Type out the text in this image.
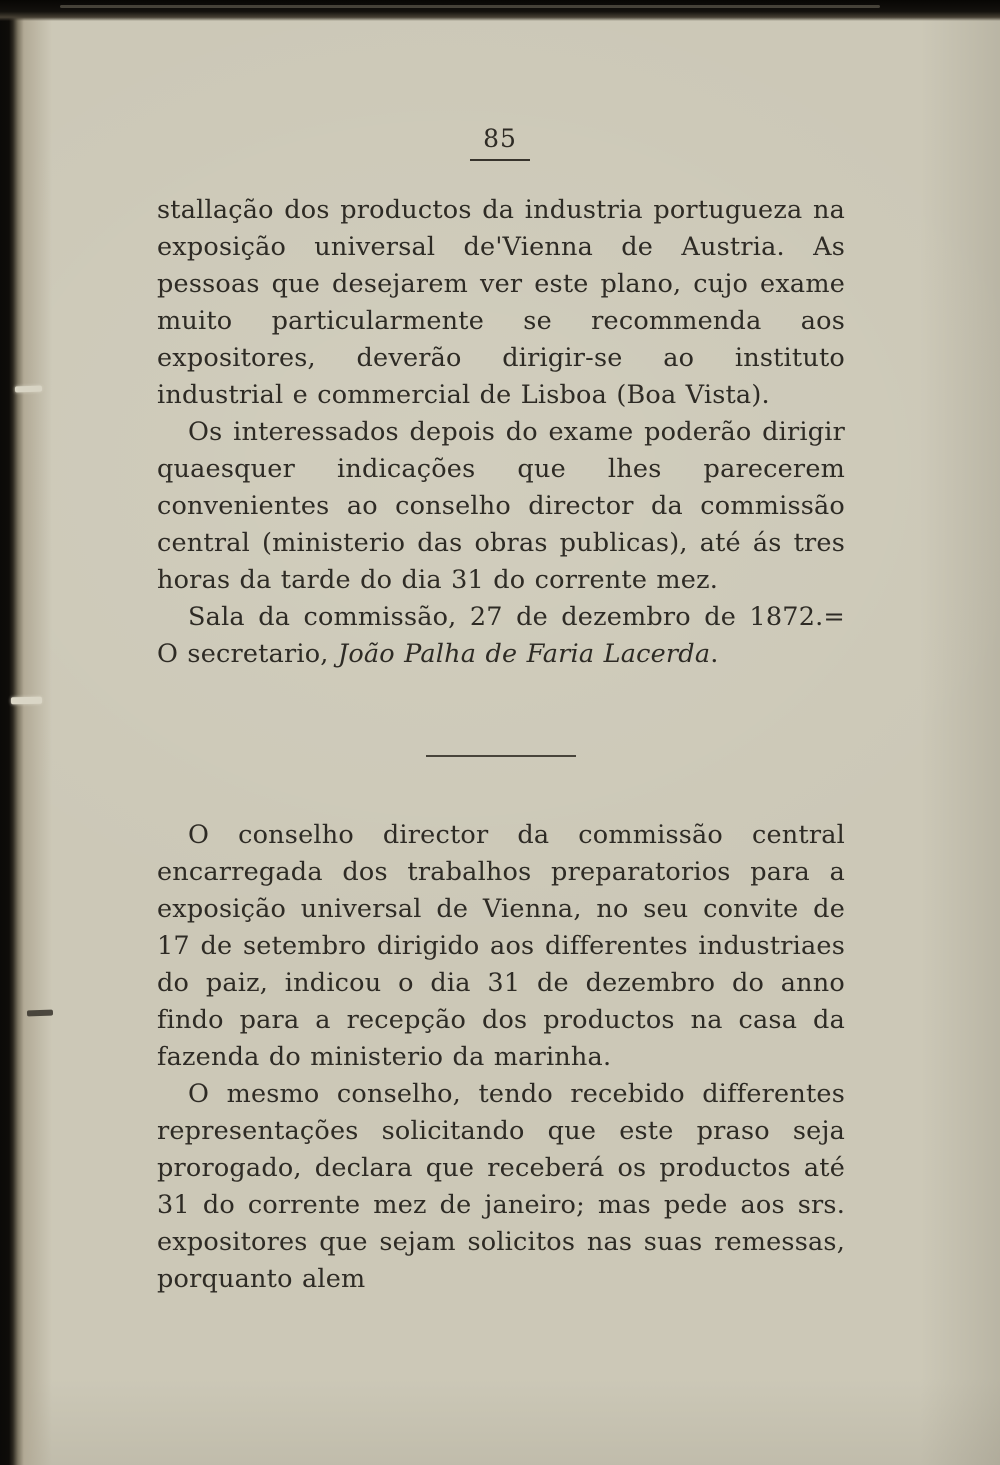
85

stallação dos productos da industria portugueza na exposição universal de'Vienna de Austria. As pessoas que desejarem ver este plano, cujo exame muito particularmente se recommenda aos expositores, deverão dirigir-se ao instituto industrial e commercial de Lisboa (Boa Vista).

Os interessados depois do exame poderão dirigir quaesquer indicações que lhes parecerem convenientes ao conselho director da commissão central (ministerio das obras publicas), até ás tres horas da tarde do dia 31 do corrente mez.

Sala da commissão, 27 de dezembro de 1872.= O secretario, João Palha de Faria Lacerda.

O conselho director da commissão central encarregada dos trabalhos preparatorios para a exposição universal de Vienna, no seu convite de 17 de setembro dirigido aos differentes industriaes do paiz, indicou o dia 31 de dezembro do anno findo para a recepção dos productos na casa da fazenda do ministerio da marinha.

O mesmo conselho, tendo recebido differentes representações solicitando que este praso seja prorogado, declara que receberá os productos até 31 do corrente mez de janeiro; mas pede aos srs. expositores que sejam solicitos nas suas remessas, porquanto alem
